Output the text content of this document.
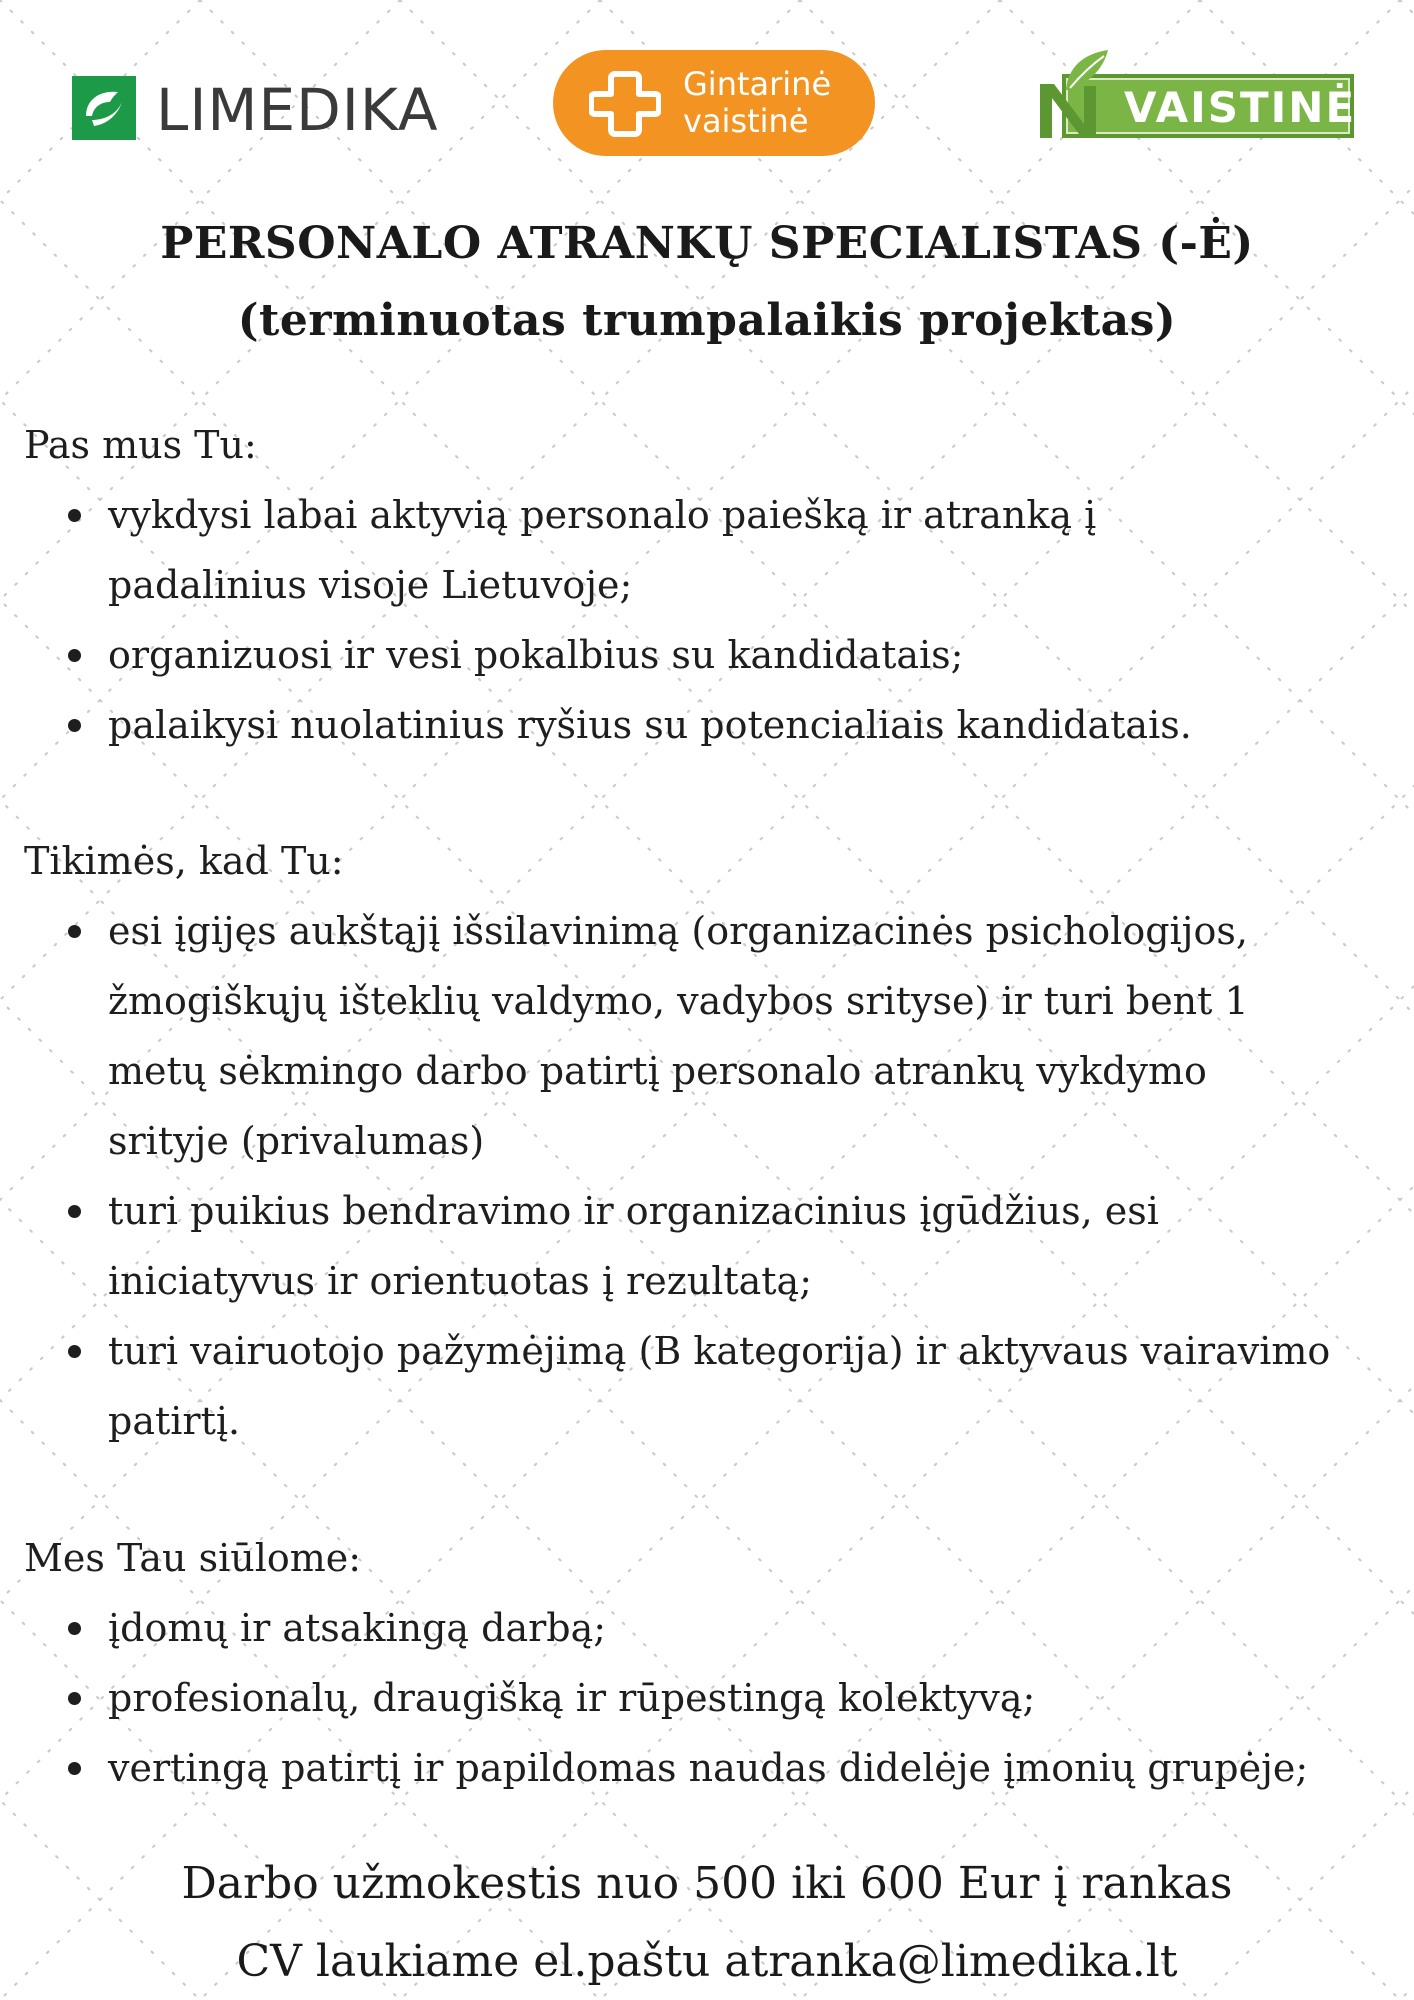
LIMEDIKA	Gintarinė
vaistinė	VAISTINĖ
PERSONALO ATRANKŲ SPECIALISTAS (-Ė)
(terminuotas trumpalaikis projektas)
Pas mus Tu:
vykdysi labai aktyvią personalo paiešką ir atranką į padalinius visoje Lietuvoje;
organizuosi ir vesi pokalbius su kandidatais;
palaikysi nuolatinius ryšius su potencialiais kandidatais.
Tikimės, kad Tu:
esi įgijęs aukštąjį išsilavinimą (organizacinės psichologijos, žmogiškųjų išteklių valdymo, vadybos srityse) ir turi bent 1 metų sėkmingo darbo patirtį personalo atrankų vykdymo srityje (privalumas)
turi puikius bendravimo ir organizacinius įgūdžius, esi iniciatyvus ir orientuotas į rezultatą;
turi vairuotojo pažymėjimą (B kategorija) ir aktyvaus vairavimo patirtį.
Mes Tau siūlome:
įdomų ir atsakingą darbą;
profesionalų, draugišką ir rūpestingą kolektyvą;
vertingą patirtį ir papildomas naudas didelėje įmonių grupėje;
Darbo užmokestis nuo 500 iki 600 Eur į rankas
CV laukiame el.paštu atranka@limedika.lt
